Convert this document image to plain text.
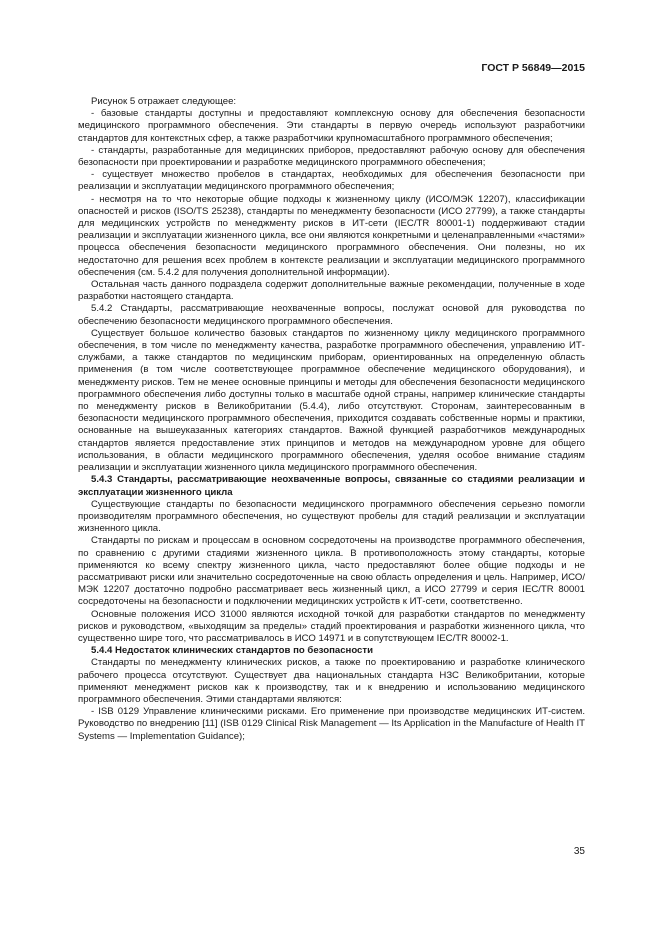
ГОСТ Р 56849—2015

Рисунок 5 отражает следующее:

- базовые стандарты доступны и предоставляют комплексную основу для обеспечения безопасности медицинского программного обеспечения. Эти стандарты в первую очередь используют разработчики стандартов для контекстных сфер, а также разработчики крупномасштабного программного обеспечения;

- стандарты, разработанные для медицинских приборов, предоставляют рабочую основу для обеспечения безопасности при проектировании и разработке медицинского программного обеспечения;

- существует множество пробелов в стандартах, необходимых для обеспечения безопасности при реализации и эксплуатации медицинского программного обеспечения;

- несмотря на то что некоторые общие подходы к жизненному циклу (ИСО/МЭК 12207), классификации опасностей и рисков (ISO/TS 25238), стандарты по менеджменту безопасности (ИСО 27799), а также стандарты для медицинских устройств по менеджменту рисков в ИТ-сети (IEC/TR 80001-1) поддерживают стадии реализации и эксплуатации жизненного цикла, все они являются конкретными и целенаправленными «частями» процесса обеспечения безопасности медицинского программного обеспечения. Они полезны, но их недостаточно для решения всех проблем в контексте реализации и эксплуатации медицинского программного обеспечения (см. 5.4.2 для получения дополнительной информации).

Остальная часть данного подраздела содержит дополнительные важные рекомендации, полученные в ходе разработки настоящего стандарта.

5.4.2 Стандарты, рассматривающие неохваченные вопросы, послужат основой для руководства по обеспечению безопасности медицинского программного обеспечения.

Существует большое количество базовых стандартов по жизненному циклу медицинского программного обеспечения, в том числе по менеджменту качества, разработке программного обеспечения, управлению ИТ-службами, а также стандартов по медицинским приборам, ориентированных на определенную область применения (в том числе соответствующее программное обеспечение медицинского оборудования), и менеджменту рисков. Тем не менее основные принципы и методы для обеспечения безопасности медицинского программного обеспечения либо доступны только в масштабе одной страны, например клинические стандарты по менеджменту рисков в Великобритании (5.4.4), либо отсутствуют. Сторонам, заинтересованным в безопасности медицинского программного обеспечения, приходится создавать собственные нормы и практики, основанные на вышеуказанных категориях стандартов. Важной функцией разработчиков международных стандартов является предоставление этих принципов и методов на международном уровне для общего использования, в области медицинского программного обеспечения, уделяя особое внимание стадиям реализации и эксплуатации жизненного цикла медицинского программного обеспечения.

5.4.3 Стандарты, рассматривающие неохваченные вопросы, связанные со стадиями реализации и эксплуатации жизненного цикла

Существующие стандарты по безопасности медицинского программного обеспечения серьезно помогли производителям программного обеспечения, но существуют пробелы для стадий реализации и эксплуатации жизненного цикла.

Стандарты по рискам и процессам в основном сосредоточены на производстве программного обеспечения, по сравнению с другими стадиями жизненного цикла. В противоположность этому стандарты, которые применяются ко всему спектру жизненного цикла, часто предоставляют более общие подходы и не рассматривают риски или значительно сосредоточенные на свою область определения и цель. Например, ИСО/МЭК 12207 достаточно подробно рассматривает весь жизненный цикл, а ИСО 27799 и серия IEC/TR 80001 сосредоточены на безопасности и подключении медицинских устройств к ИТ-сети, соответственно.

Основные положения ИСО 31000 являются исходной точкой для разработки стандартов по менеджменту рисков и руководством, «выходящим за пределы» стадий проектирования и разработки жизненного цикла, что существенно шире того, что рассматривалось в ИСО 14971 и в сопутствующем IEC/TR 80002-1.

5.4.4 Недостаток клинических стандартов по безопасности

Стандарты по менеджменту клинических рисков, а также по проектированию и разработке клинического рабочего процесса отсутствуют. Существует два национальных стандарта НЗС Великобритании, которые применяют менеджмент рисков как к производству, так и к внедрению и использованию медицинского программного обеспечения. Этими стандартами являются:

- ISB 0129 Управление клиническими рисками. Его применение при производстве медицинских ИТ-систем. Руководство по внедрению [11] (ISB 0129 Clinical Risk Management — Its Application in the Manufacture of Health IT Systems — Implementation Guidance);

35
